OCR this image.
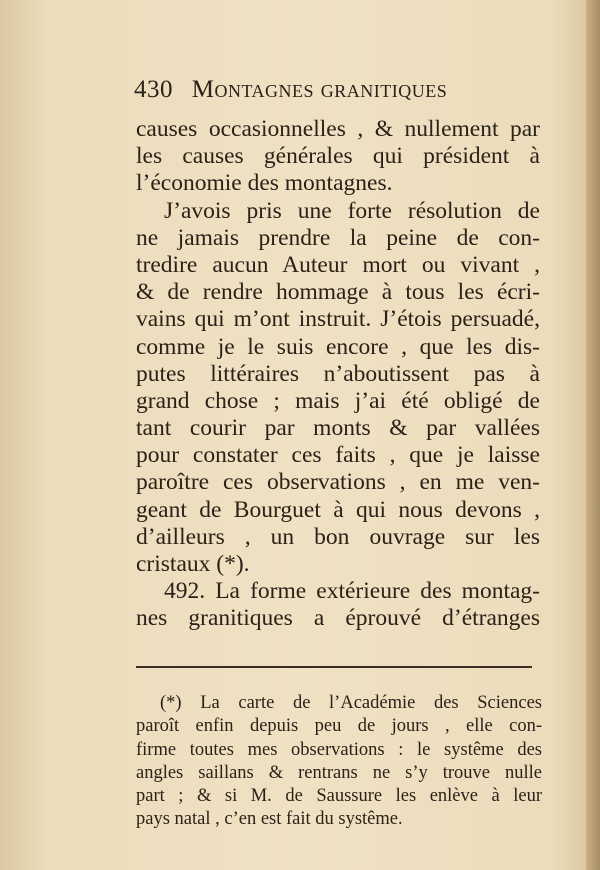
430 Montagnes granitiques
causes occasionnelles , & nullement par
les causes générales qui président à
l’économie des montagnes.
J’avois pris une forte résolution de
ne jamais prendre la peine de con-
tredire aucun Auteur mort ou vivant ,
& de rendre hommage à tous les écri-
vains qui m’ont instruit. J’étois persuadé,
comme je le suis encore , que les dis-
putes littéraires n’aboutissent pas à
grand chose ; mais j’ai été obligé de
tant courir par monts & par vallées
pour constater ces faits , que je laisse
paroître ces observations , en me ven-
geant de Bourguet à qui nous devons ,
d’ailleurs , un bon ouvrage sur les
cristaux (*).
492. La forme extérieure des montag-
nes granitiques a éprouvé d’étranges
(*) La carte de l’Académie des Sciences
paroît enfin depuis peu de jours , elle con-
firme toutes mes observations : le systême des
angles saillans & rentrans ne s’y trouve nulle
part ; & si M. de Saussure les enlève à leur
pays natal , c’en est fait du systême.
